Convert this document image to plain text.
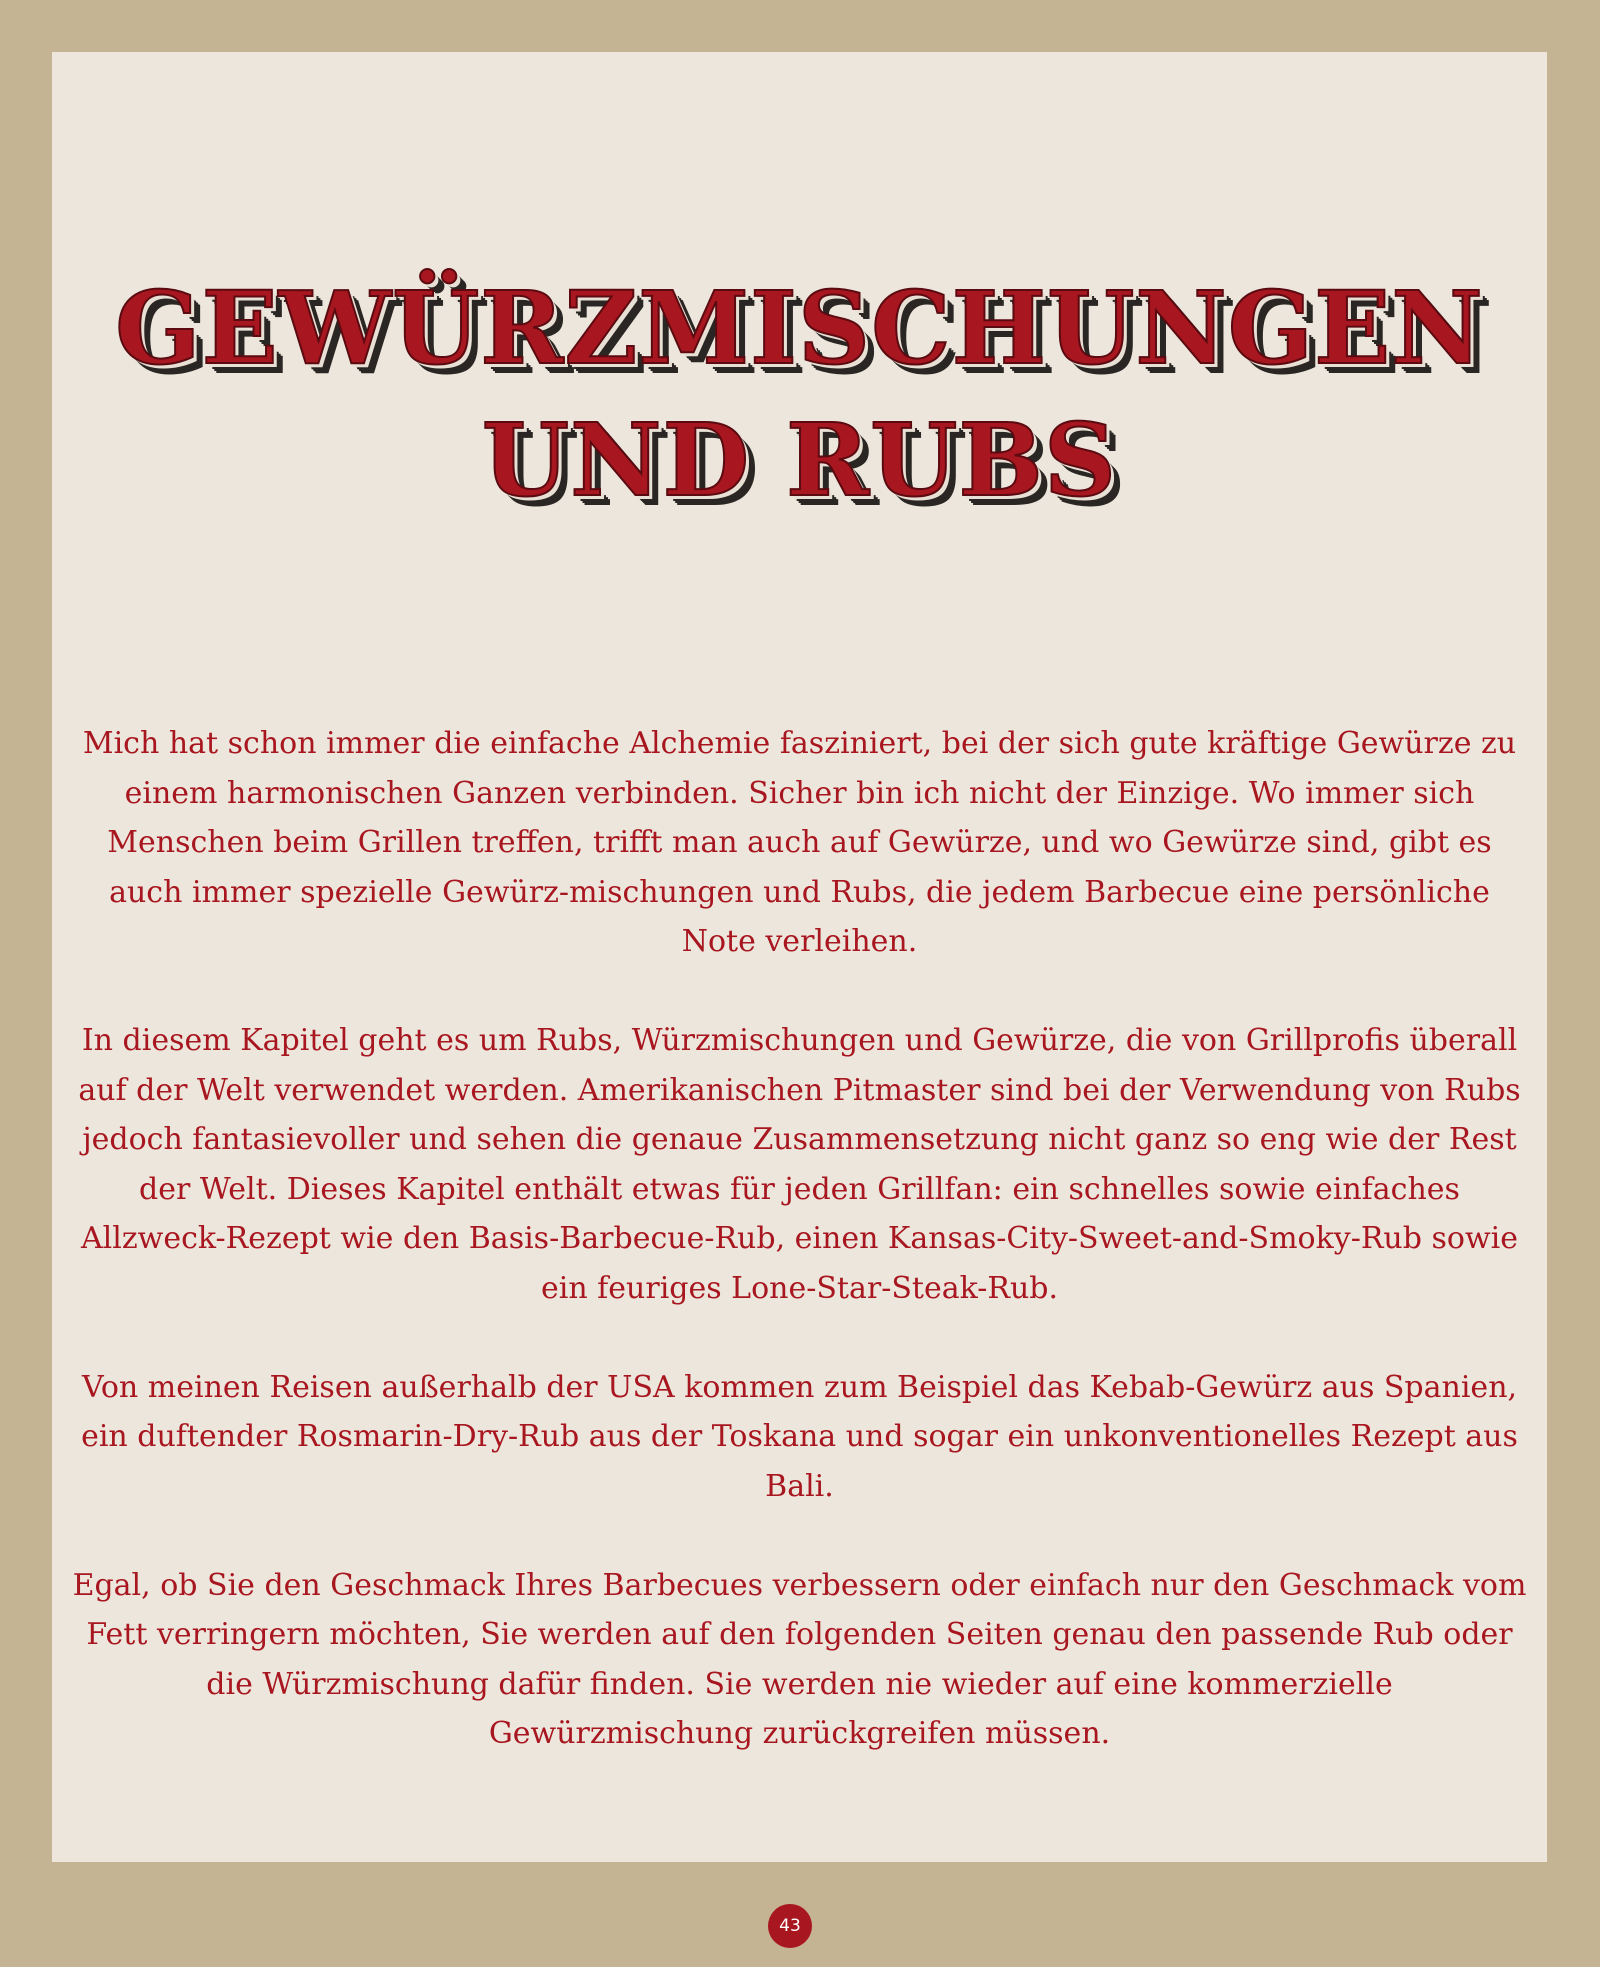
GEWÜRZMISCHUNGEN
UND RUBS

Mich hat schon immer die einfache Alchemie fasziniert, bei der sich gute kräftige Gewürze zu einem harmonischen Ganzen verbinden. Sicher bin ich nicht der Einzige. Wo immer sich Menschen beim Grillen treffen, trifft man auch auf Gewürze, und wo Gewürze sind, gibt es auch immer spezielle Gewürz-mischungen und Rubs, die jedem Barbecue eine persönliche Note verleihen.

In diesem Kapitel geht es um Rubs, Würzmischungen und Gewürze, die von Grillprofis überall auf der Welt verwendet werden. Amerikanischen Pitmaster sind bei der Verwendung von Rubs jedoch fantasievoller und sehen die genaue Zusammensetzung nicht ganz so eng wie der Rest der Welt. Dieses Kapitel enthält etwas für jeden Grillfan: ein schnelles sowie einfaches Allzweck-Rezept wie den Basis-Barbecue-Rub, einen Kansas-City-Sweet-and-Smoky-Rub sowie ein feuriges Lone-Star-Steak-Rub.

Von meinen Reisen außerhalb der USA kommen zum Beispiel das Kebab-Gewürz aus Spanien, ein duftender Rosmarin-Dry-Rub aus der Toskana und sogar ein unkonventionelles Rezept aus Bali.

Egal, ob Sie den Geschmack Ihres Barbecues verbessern oder einfach nur den Geschmack vom Fett verringern möchten, Sie werden auf den folgenden Seiten genau den passende Rub oder die Würzmischung dafür finden. Sie werden nie wieder auf eine kommerzielle Gewürzmischung zurückgreifen müssen.

43
